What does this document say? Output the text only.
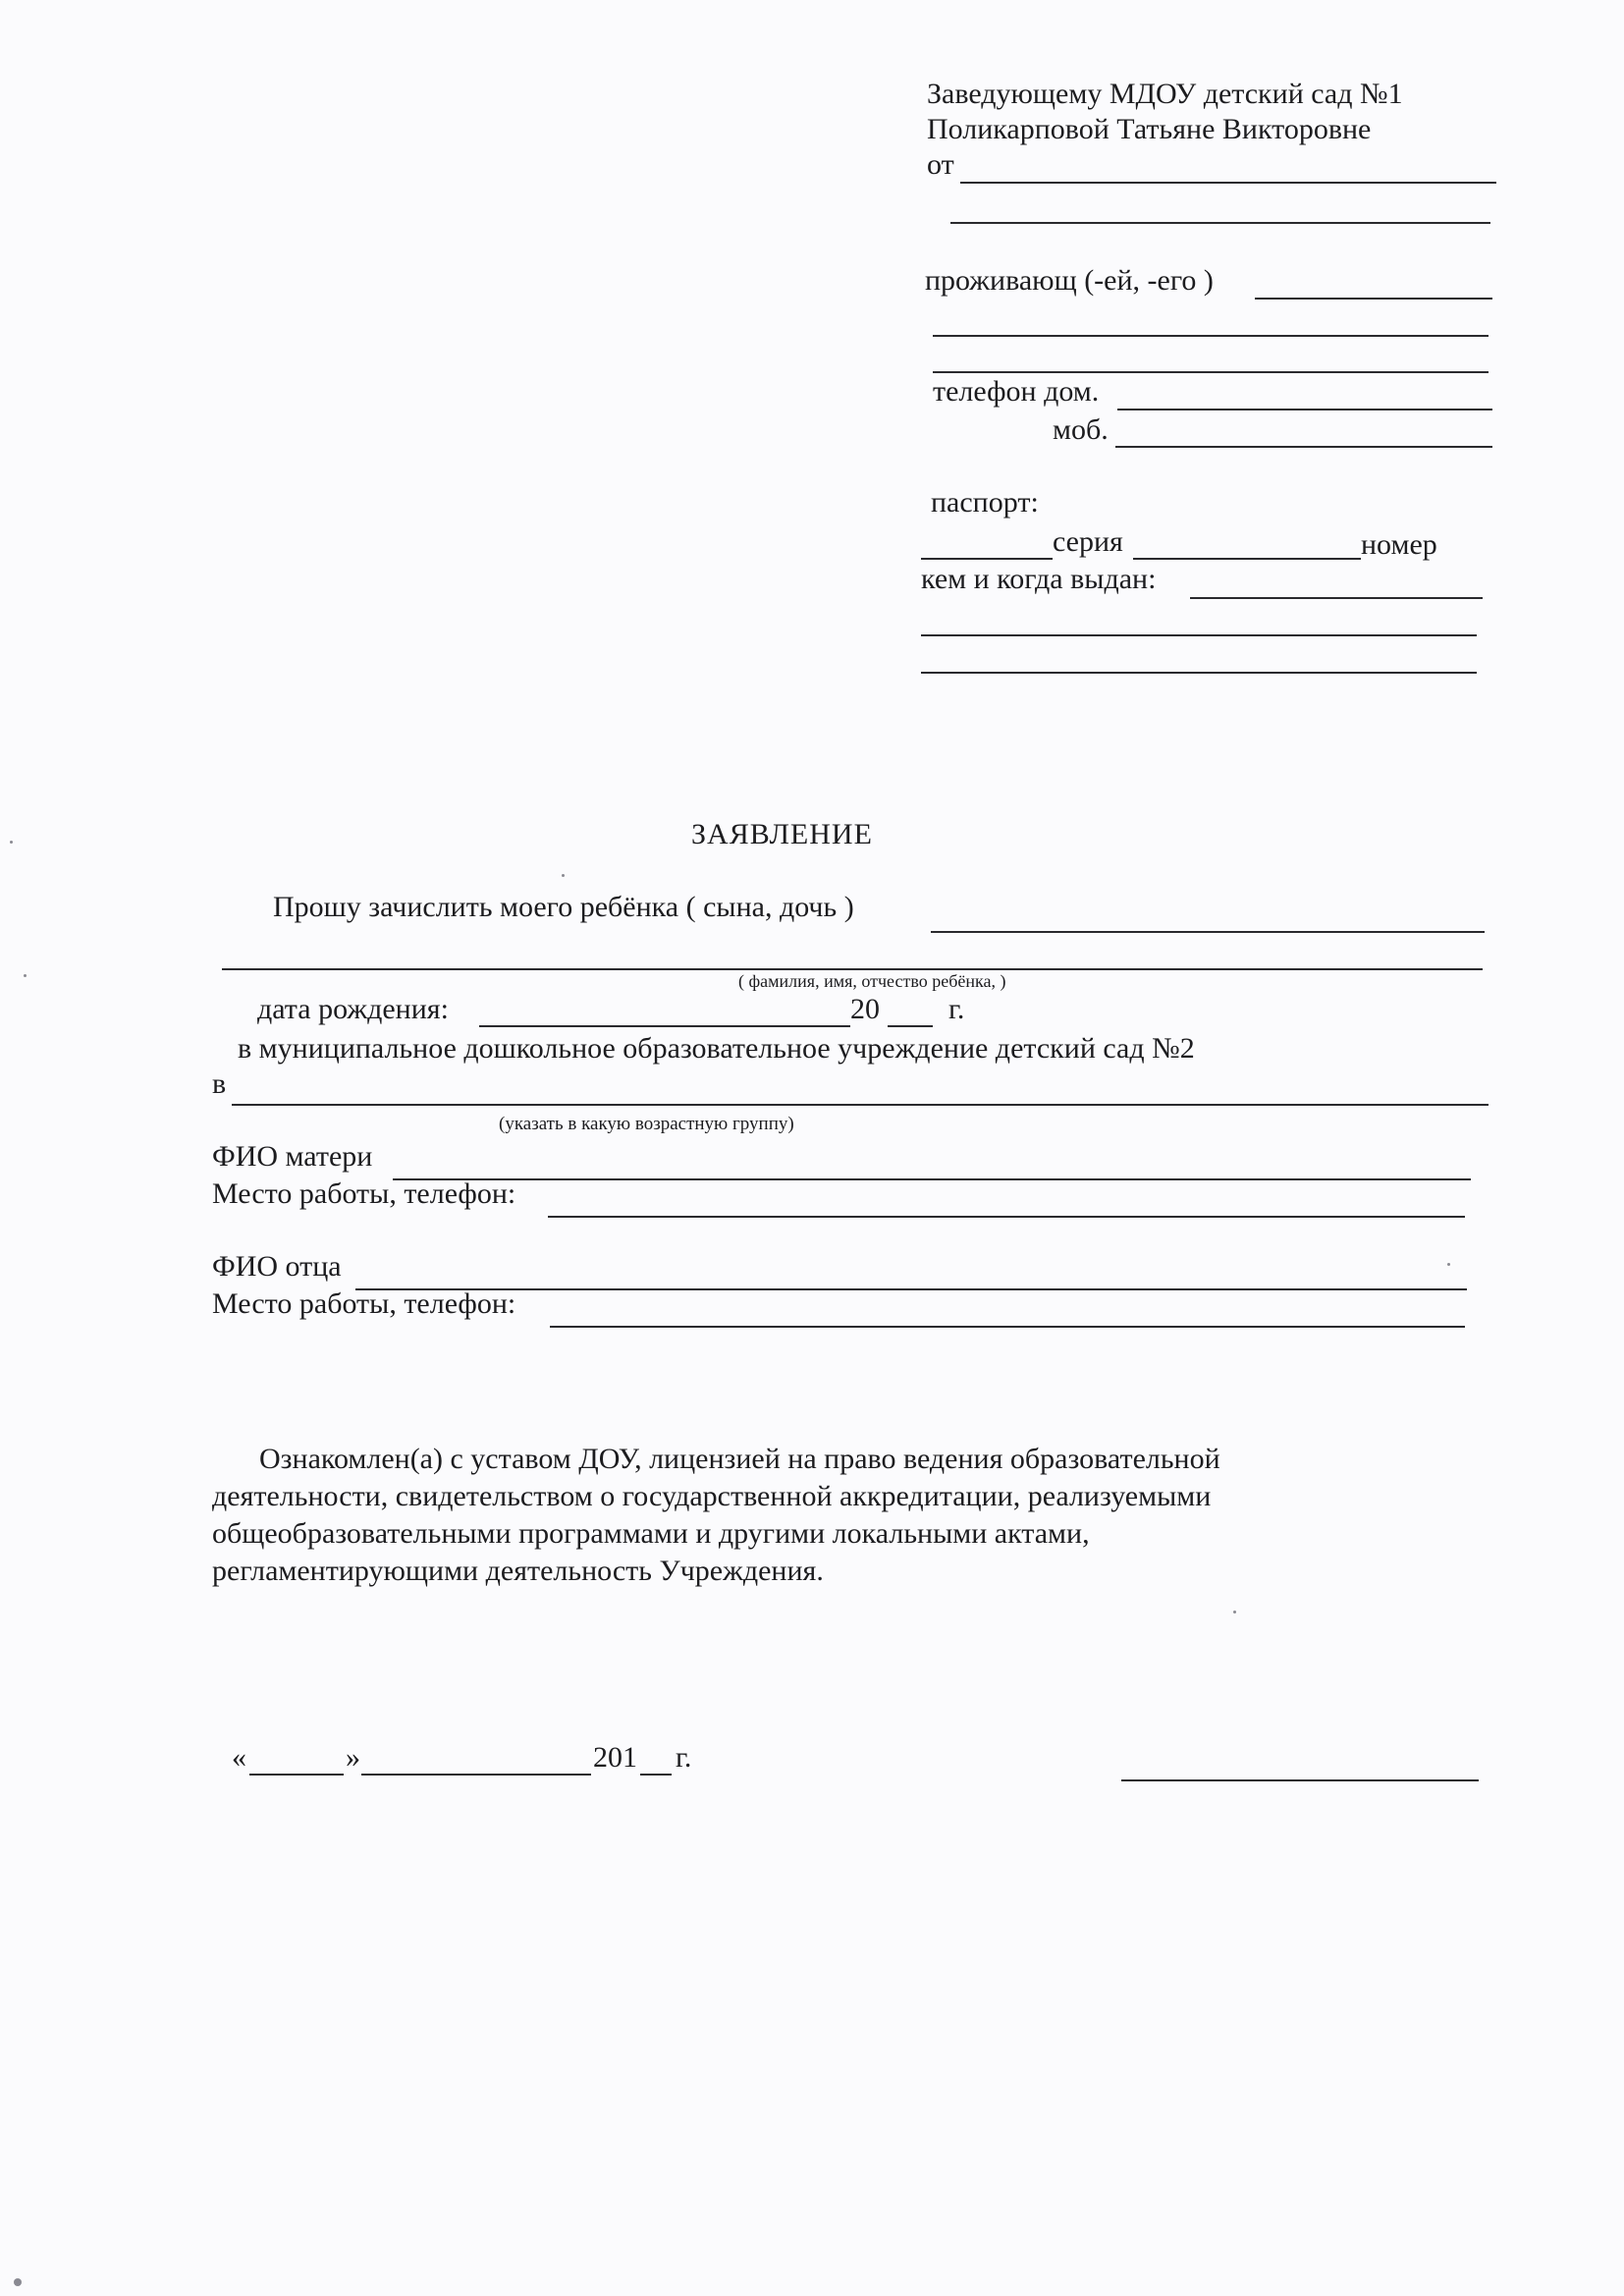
Заведующему МДОУ детский сад №1
Поликарповой Татьяне Викторовне
от
проживающ (-ей, -его )
телефон дом.
моб.
паспорт:
серия	номер
кем и когда выдан:
ЗАЯВЛЕНИЕ
Прошу зачислить моего ребёнка ( сына, дочь )
( фамилия, имя, отчество ребёнка, )
дата рождения:	20 г.
в муниципальное дошкольное образовательное учреждение детский сад №2
в
(указать в какую возрастную группу)
ФИО матери
Место работы, телефон:
ФИО отца
Место работы, телефон:
Ознакомлен(а) с уставом ДОУ, лицензией на право ведения образовательной
деятельности, свидетельством о государственной аккредитации, реализуемыми
общеобразовательными программами и другими локальными актами,
регламентирующими деятельность Учреждения.
«	»	201 г.
